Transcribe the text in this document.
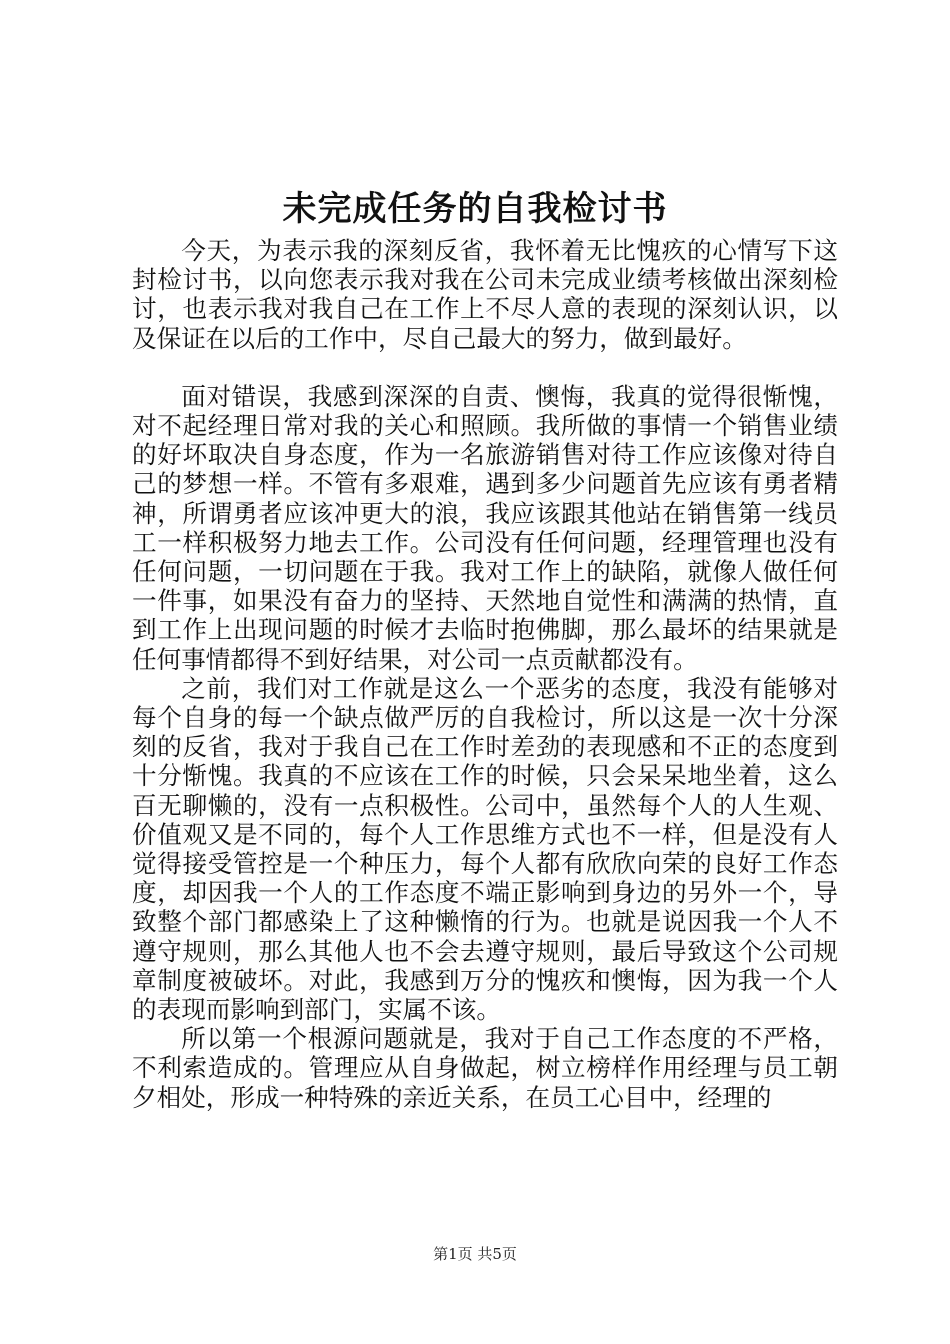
未完成任务的自我检讨书

今天，为表示我的深刻反省，我怀着无比愧疚的心情写下这封检讨书，以向您表示我对我在公司未完成业绩考核做出深刻检讨，也表示我对我自己在工作上不尽人意的表现的深刻认识，以及保证在以后的工作中，尽自己最大的努力，做到最好。

面对错误，我感到深深的自责、懊悔，我真的觉得很惭愧，对不起经理日常对我的关心和照顾。我所做的事情一个销售业绩的好坏取决自身态度，作为一名旅游销售对待工作应该像对待自己的梦想一样。不管有多艰难，遇到多少问题首先应该有勇者精神，所谓勇者应该冲更大的浪，我应该跟其他站在销售第一线员工一样积极努力地去工作。公司没有任何问题，经理管理也没有任何问题，一切问题在于我。我对工作上的缺陷，就像人做任何一件事，如果没有奋力的坚持、天然地自觉性和满满的热情，直到工作上出现问题的时候才去临时抱佛脚，那么最坏的结果就是任何事情都得不到好结果，对公司一点贡献都没有。

之前，我们对工作就是这么一个恶劣的态度，我没有能够对每个自身的每一个缺点做严厉的自我检讨，所以这是一次十分深刻的反省，我对于我自己在工作时差劲的表现感和不正的态度到十分惭愧。我真的不应该在工作的时候，只会呆呆地坐着，这么百无聊懒的，没有一点积极性。公司中，虽然每个人的人生观、价值观又是不同的，每个人工作思维方式也不一样，但是没有人觉得接受管控是一个种压力，每个人都有欣欣向荣的良好工作态度，却因我一个人的工作态度不端正影响到身边的另外一个，导致整个部门都感染上了这种懒惰的行为。也就是说因我一个人不遵守规则，那么其他人也不会去遵守规则，最后导致这个公司规章制度被破坏。对此，我感到万分的愧疚和懊悔，因为我一个人的表现而影响到部门，实属不该。

所以第一个根源问题就是，我对于自己工作态度的不严格，不利索造成的。管理应从自身做起，树立榜样作用经理与员工朝夕相处，形成一种特殊的亲近关系，在员工心目中，经理的

第1页 共5页
